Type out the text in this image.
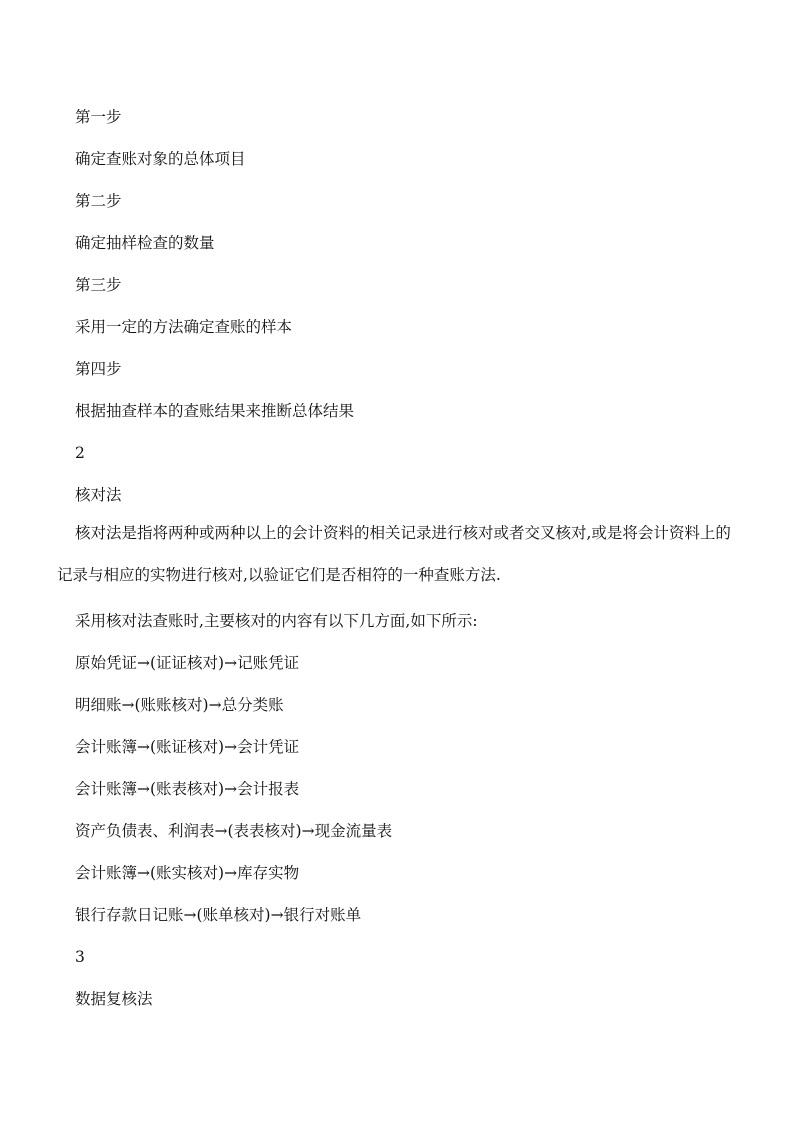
第一步
确定查账对象的总体项目
第二步
确定抽样检查的数量
第三步
采用一定的方法确定查账的样本
第四步
根据抽查样本的查账结果来推断总体结果
2
核对法
核对法是指将两种或两种以上的会计资料的相关记录进行核对或者交叉核对,或是将会计资料上的记录与相应的实物进行核对,以验证它们是否相符的一种查账方法.
采用核对法查账时,主要核对的内容有以下几方面,如下所示:
原始凭证→(证证核对)→记账凭证
明细账→(账账核对)→总分类账
会计账簿→(账证核对)→会计凭证
会计账簿→(账表核对)→会计报表
资产负债表、利润表→(表表核对)→现金流量表
会计账簿→(账实核对)→库存实物
银行存款日记账→(账单核对)→银行对账单
3
数据复核法
